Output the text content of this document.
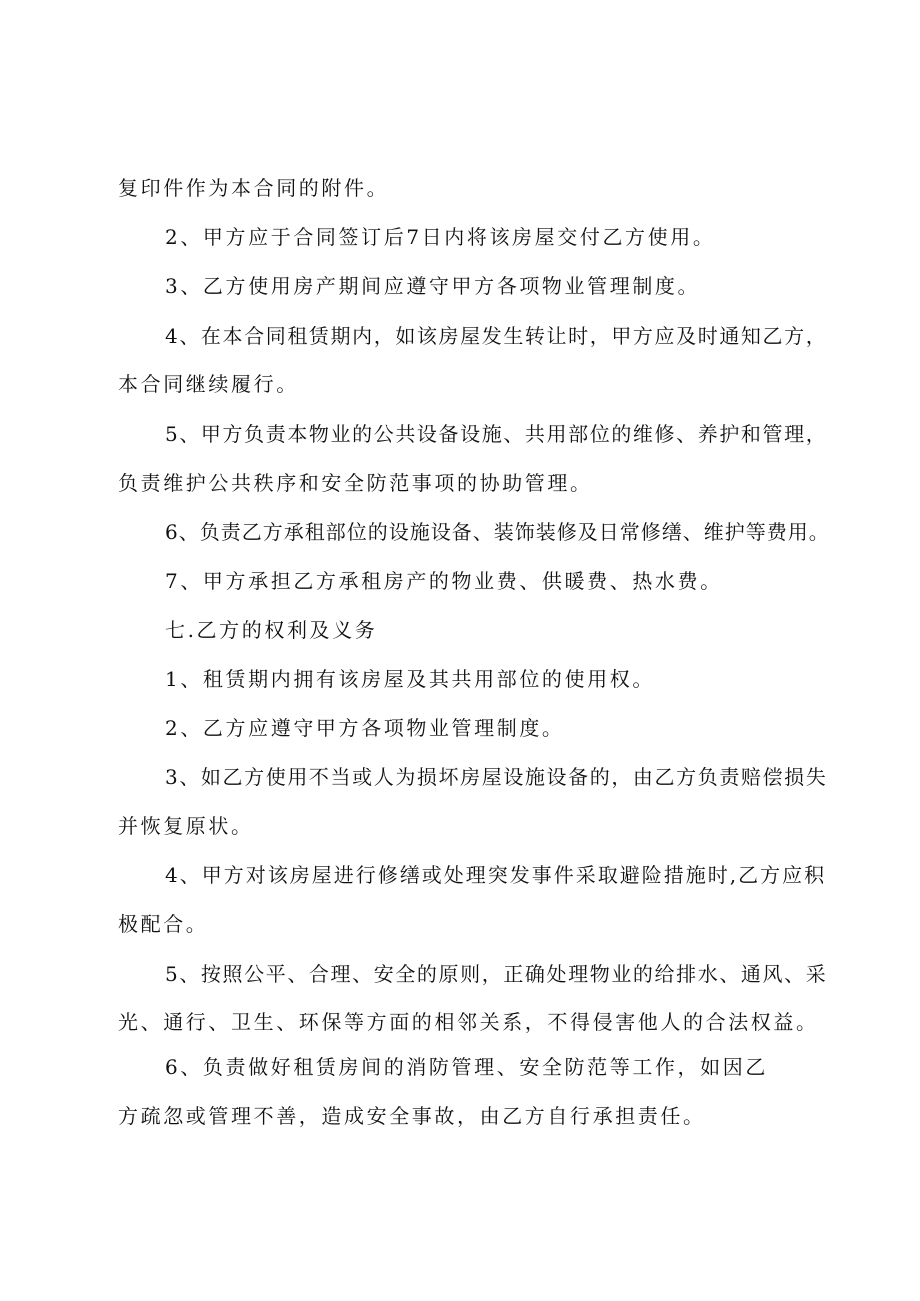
复印件作为本合同的附件。
2、甲方应于合同签订后7日内将该房屋交付乙方使用。
3、乙方使用房产期间应遵守甲方各项物业管理制度。
4、在本合同租赁期内，如该房屋发生转让时，甲方应及时通知乙方，
本合同继续履行。
5、甲方负责本物业的公共设备设施、共用部位的维修、养护和管理，
负责维护公共秩序和安全防范事项的协助管理。
6、负责乙方承租部位的设施设备、装饰装修及日常修缮、维护等费用。
7、甲方承担乙方承租房产的物业费、供暖费、热水费。
七.乙方的权利及义务
1、租赁期内拥有该房屋及其共用部位的使用权。
2、乙方应遵守甲方各项物业管理制度。
3、如乙方使用不当或人为损坏房屋设施设备的，由乙方负责赔偿损失
并恢复原状。
4、甲方对该房屋进行修缮或处理突发事件采取避险措施时,乙方应积
极配合。
5、按照公平、合理、安全的原则，正确处理物业的给排水、通风、采
光、通行、卫生、环保等方面的相邻关系，不得侵害他人的合法权益。
6、负责做好租赁房间的消防管理、安全防范等工作，如因乙
方疏忽或管理不善，造成安全事故，由乙方自行承担责任。
